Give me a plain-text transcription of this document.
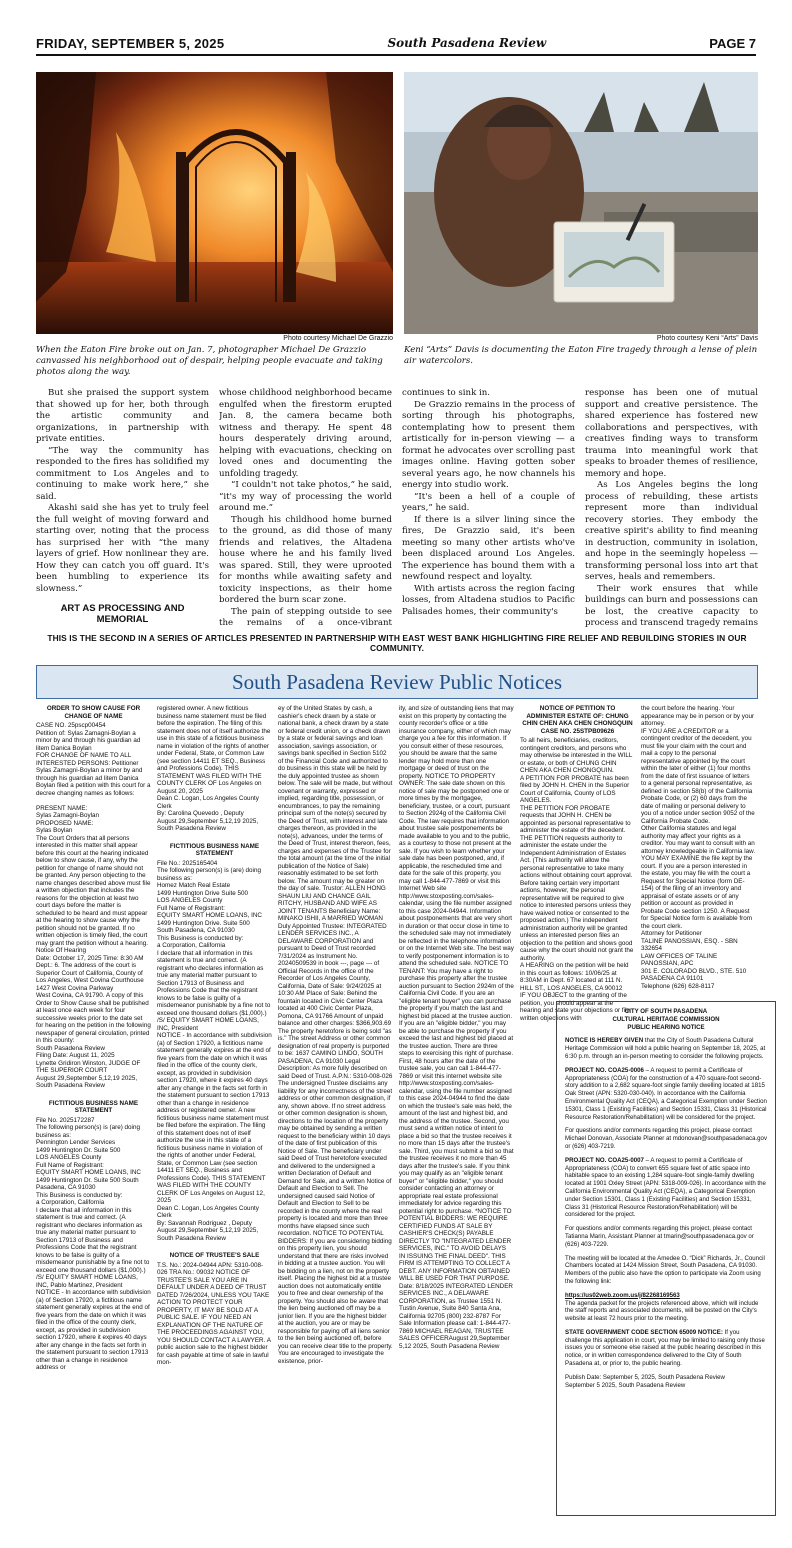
FRIDAY, SEPTEMBER 5, 2025	South Pasadena Review	PAGE 7
Photo courtesy Michael De Grazzio
When the Eaton Fire broke out on Jan. 7, photographer Michael De Grazzio canvassed his neighborhood out of despair, helping people evacuate and taking photos along the way.
Photo courtesy Keni “Arts” Davis
Keni “Arts” Davis is documenting the Eaton Fire tragedy through a lense of plein air watercolors.

But she praised the support system that showed up for her, both through the artistic community and organizations, in partnership with private entities.

“The way the community has responded to the fires has solidified my commitment to Los Angeles and to continuing to make work here,” she said.

Akashi said she has yet to truly feel the full weight of moving forward and starting over, noting that the process has surprised her with “the many layers of grief. How nonlinear they are. How they can catch you off guard. It's been humbling to experience its slowness.”

ART AS PROCESSING AND MEMORIAL

whose childhood neighborhood became engulfed when the firestorm erupted Jan. 8, the camera became both witness and therapy. He spent 48 hours desperately driving around, helping with evacuations, checking on loved ones and documenting the unfolding tragedy.

“I couldn't not take photos,” he said, “it's my way of processing the world around me.”

Though his childhood home burned to the ground, as did those of many friends and relatives, the Altadena house where he and his family lived was spared. Still, they were uprooted for months while awaiting safety and toxicity inspections, as their home bordered the burn scar zone.

The pain of stepping outside to see the remains of a once-vibrant

continues to sink in.

De Grazzio remains in the process of sorting through his photographs, contemplating how to present them artistically for in-person viewing — a format he advocates over scrolling past images online. Having gotten sober several years ago, he now channels his energy into studio work.

“It's been a hell of a couple of years,” he said.

If there is a silver lining since the fires, De Grazzio said, it's been meeting so many other artists who've been displaced around Los Angeles. The experience has bound them with a newfound respect and loyalty.

With artists across the region facing losses, from Altadena studios to Pacific Palisades homes, their community's

response has been one of mutual support and creative persistence. The shared experience has fostered new collaborations and perspectives, with creatives finding ways to transform trauma into meaningful work that speaks to broader themes of resilience, memory and hope.

As Los Angeles begins the long process of rebuilding, these artists represent more than individual recovery stories. They embody the creative spirit's ability to find meaning in destruction, community in isolation, and hope in the seemingly hopeless — transforming personal loss into art that serves, heals and remembers.

Their work ensures that while buildings can burn and possessions can be lost, the creative capacity to process and transcend tragedy remains

THIS IS THE SECOND IN A SERIES OF ARTICLES PRESENTED IN PARTNERSHIP WITH EAST WEST BANK HIGHLIGHTING FIRE RELIEF AND REBUILDING STORIES IN OUR COMMUNITY.
South Pasadena Review Public Notices
ORDER TO SHOW CAUSE FOR CHANGE OF NAME
CASE NO. 25pscp00454
Petition of: Sylas Zamagni-Boylan a minor by and through his guardian ad litem Danica Boylan
FOR CHANGE OF NAME TO ALL INTERESTED PERSONS: Petitioner Sylas Zamagni-Boylan a minor by and through his guardian ad litem Danica Boylan filed a petition with this court for a decree changing names as follows:

PRESENT NAME:
Sylas Zamagni-Boylan
PROPOSED NAME:
Sylas Boylan
The Court Orders that all persons interested in this matter shall appear before this court at the hearing indicated below to show cause, if any, why the petition for change of name should not be granted. Any person objecting to the name changes described above must file a written objection that includes the reasons for the objection at least two court days before the matter is scheduled to be heard and must appear at the hearing to show cause why the petition should not be granted. If no written objection is timely filed, the court may grant the petition without a hearing.
Notice Of Hearing
Date: October 17, 2025 Time: 8:30 AM Dept.: 6. The address of the court is Superior Court of California, County of Los Angeles, West Covina Courthouse 1427 West Covina Parkway
West Covina, CA 91790. A copy of this Order to Show Cause shall be published at least once each week for four successive weeks prior to the date set for hearing on the petition in the following newspaper of general circulation, printed in this county:
South Pasadena Review
Filing Date: August 11, 2025
Lynette Gridiron Winston, JUDGE OF THE SUPERIOR COURT
August 29,September 5,12,19 2025, South Pasadena Review
FICTITIOUS BUSINESS NAME STATEMENT
File No. 2025172287
The following person(s) is (are) doing business as:
Pennington Lender Services
1499 Huntington Dr. Suite 500
LOS ANGELES County
Full Name of Registrant:
EQUITY SMART HOME LOANS, INC 1499 Huntington Dr. Suite 500 South Pasadena, CA 91030
This Business is conducted by:
a Corporation, California
I declare that all information in this statement is true and correct. (A registrant who declares information as true any material matter pursuant to Section 17913 of Business and Professions Code that the registrant knows to be false is guilty of a misdemeanor punishable by a fine not to exceed one thousand dollars ($1,000).)
/S/ EQUITY SMART HOME LOANS, INC, Pablo Martinez, President
NOTICE - In accordance with subdivision (a) of Section 17920, a fictitious name statement generally expires at the end of five years from the date on which it was filed in the office of the county clerk, except, as provided in subdivision section 17920, where it expires 40 days after any change in the facts set forth in the statement pursuant to section 17913 other than a change in residence address or
registered owner. A new fictitious business name statement must be filed before the expiration. The filing of this statement does not of itself authorize the use in this state of a fictitious business name in violation of the rights of another under Federal, State, or Common Law (see section 14411 ET SEQ., Business and Professions Code). THIS STATEMENT WAS FILED WITH THE COUNTY CLERK OF Los Angeles on August 20, 2025
Dean C. Logan, Los Angeles County Clerk
By: Carolina Quevedo , Deputy
August 29,September 5,12,19 2025, South Pasadena Review
FICTITIOUS BUSINESS NAME STATEMENT
File No.: 2025165404
The following person(s) is (are) doing business as:
Homez Match Real Estate
1499 Huntington Drive Suite 500
LOS ANGELES County
Full Name of Registrant:
EQUITY SMART HOME LOANS, INC 1499 Huntington Drive. Suite 500
South Pasadena, CA 91030
This Business is conducted by:
a Corporation, California
I declare that all information in this statement is true and correct. (A registrant who declares information as true any material matter pursuant to Section 17913 of Business and Professions Code that the registrant knows to be false is guilty of a misdemeanor punishable by a fine not to exceed one thousand dollars ($1,000).)
/S/ EQUITY SMART HOME LOANS, INC, President
NOTICE - In accordance with subdivision (a) of Section 17920, a fictitious name statement generally expires at the end of five years from the date on which it was filed in the office of the county clerk, except, as provided in subdivision section 17920, where it expires 40 days after any change in the facts set forth in the statement pursuant to section 17913 other than a change in residence address or registered owner. A new fictitious business name statement must be filed before the expiration. The filing of this statement does not of itself authorize the use in this state of a fictitious business name in violation of the rights of another under Federal, State, or Common Law (see section 14411 ET SEQ., Business and Professions Code). THIS STATEMENT WAS FILED WITH THE COUNTY CLERK OF Los Angeles on August 12, 2025
Dean C. Logan, Los Angeles County Clerk
By: Savannah Rodriguez , Deputy
August 29,September 5,12,19 2025, South Pasadena Review
NOTICE OF TRUSTEE'S SALE
T.S. No.: 2024-04944 APN: 5310-008-026 TRA No.: 09032 NOTICE OF TRUSTEE'S SALE YOU ARE IN DEFAULT UNDER A DEED OF TRUST DATED 7/26/2024, UNLESS YOU TAKE ACTION TO PROTECT YOUR PROPERTY, IT MAY BE SOLD AT A PUBLIC SALE. IF YOU NEED AN EXPLANATION OF THE NATURE OF THE PROCEEDINGS AGAINST YOU, YOU SHOULD CONTACT A LAWYER. A public auction sale to the highest bidder for cash payable at time of sale in lawful mon-
ey of the United States by cash, a cashier's check drawn by a state or national bank, a check drawn by a state or federal credit union, or a check drawn by a state or federal savings and loan association, savings association, or savings bank specified in Section 5102 of the Financial Code and authorized to do business in this state will be held by the duly appointed trustee as shown below. The sale will be made, but without covenant or warranty, expressed or implied, regarding title, possession, or encumbrances, to pay the remaining principal sum of the note(s) secured by the Deed of Trust, with interest and late charges thereon, as provided in the note(s), advances, under the terms of the Deed of Trust, interest thereon, fees, charges and expenses of the Trustee for the total amount (at the time of the initial publication of the Notice of Sale) reasonably estimated to be set forth below. The amount may be greater on the day of sale. Trustor: ALLEN HONG SHAUN LIU AND CHANCE GAIL RITCHY, HUSBAND AND WIFE AS JOINT TENANTS Beneficiary Name: MINAKO ISHII, A MARRIED WOMAN Duly Appointed Trustee: INTEGRATED LENDER SERVICES INC., A DELAWARE CORPORATION and pursuant to Deed of Trust recorded 7/31/2024 as Instrument No. 20240509539 in book ---, page --- of Official Records in the office of the Recorder of Los Angeles County, California, Date of Sale: 9/24/2025 at 10:30 AM Place of Sale: Behind the fountain located in Civic Center Plaza located at 400 Civic Center Plaza, Pomona, CA 91766 Amount of unpaid balance and other charges: $366,903.69 The property heretofore is being sold "as is." The street Address or other common designation of real property is purported to be: 1637 CAMINO LINDO, SOUTH PASADENA, CA 91030 Legal Description: As more fully described on said Deed of Trust. A.P.N.: 5310-008-026 The undersigned Trustee disclaims any liability for any incorrectness of the street address or other common designation, if any, shown above. If no street address or other common designation is shown, directions to the location of the property may be obtained by sending a written request to the beneficiary within 10 days of the date of first publication of this Notice of Sale. The beneficiary under said Deed of Trust heretofore executed and delivered to the undersigned a written Declaration of Default and Demand for Sale, and a written Notice of Default and Election to Sell. The undersigned caused said Notice of Default and Election to Sell to be recorded in the county where the real property is located and more than three months have elapsed since such recordation. NOTICE TO POTENTIAL BIDDERS: If you are considering bidding on this property lien, you should understand that there are risks involved in bidding at a trustee auction. You will be bidding on a lien, not on the property itself. Placing the highest bid at a trustee auction does not automatically entitle you to free and clear ownership of the property. You should also be aware that the lien being auctioned off may be a junior lien. If you are the highest bidder at the auction, you are or may be responsible for paying off all liens senior to the lien being auctioned off, before you can receive clear title to the property. You are encouraged to investigate the existence, prior-
ity, and size of outstanding liens that may exist on this property by contacting the county recorder's office or a title insurance company, either of which may charge you a fee for this information. If you consult either of these resources, you should be aware that the same lender may hold more than one mortgage or deed of trust on the property. NOTICE TO PROPERTY OWNER: The sale date shown on this notice of sale may be postponed one or more times by the mortgagee, beneficiary, trustee, or a court, pursuant to Section 2924g of the California Civil Code. The law requires that information about trustee sale postponements be made available to you and to the public, as a courtesy to those not present at the sale. If you wish to learn whether your sale date has been postponed, and, if applicable, the rescheduled time and date for the sale of this property, you may call 1-844-477-7869 or visit this Internet Web site http://www.stoxposting.com/sales-calendar, using the file number assigned to this case 2024-04944. Information about postponements that are very short in duration or that occur close in time to the scheduled sale may not immediately be reflected in the telephone information or on the Internet Web site. The best way to verify postponement information is to attend the scheduled sale. NOTICE TO TENANT: You may have a right to purchase this property after the trustee auction pursuant to Section 2924m of the California Civil Code. If you are an "eligible tenant buyer" you can purchase the property if you match the last and highest bid placed at the trustee auction. If you are an "eligible bidder," you may be able to purchase the property if you exceed the last and highest bid placed at the trustee auction. There are three steps to exercising this right of purchase. First, 48 hours after the date of the trustee sale, you can call 1-844-477-7869 or visit this internet website site http://www.stoxposting.com/sales-calendar, using the file number assigned to this case 2024-04944 to find the date on which the trustee's sale was held, the amount of the last and highest bid, and the address of the trustee. Second, you must send a written notice of intent to place a bid so that the trustee receives it no more than 15 days after the trustee's sale. Third, you must submit a bid so that the trustee receives it no more than 45 days after the trustee's sale. If you think you may qualify as an "eligible tenant buyer" or "eligible bidder," you should consider contacting an attorney or appropriate real estate professional immediately for advice regarding this potential right to purchase. *NOTICE TO POTENTIAL BIDDERS: WE REQUIRE CERTIFIED FUNDS AT SALE BY CASHIER'S CHECK(S) PAYABLE DIRECTLY TO "INTEGRATED LENDER SERVICES, INC." TO AVOID DELAYS IN ISSUING THE FINAL DEED". THIS FIRM IS ATTEMPTING TO COLLECT A DEBT. ANY INFORMATION OBTAINED WILL BE USED FOR THAT PURPOSE. Date: 8/18/2025 INTEGRATED LENDER SERVICES INC., A DELAWARE CORPORATION, as Trustee 1551 N. Tustin Avenue, Suite 840 Santa Ana, California 92705 (800) 232-8787 For Sale Information please call: 1-844-477-7869 MICHAEL REAGAN, TRUSTEE SALES OFFICERAugust 29,September 5,12 2025, South Pasadena Review
NOTICE OF PETITION TO ADMINISTER ESTATE OF: CHUNG CHIN CHEN AKA CHEN CHONGQUIN CASE NO. 25STPB09626
To all heirs, beneficiaries, creditors, contingent creditors, and persons who may otherwise be interested in the WILL or estate, or both of CHUNG CHIN CHEN AKA CHEN CHONGQUIN.
A PETITION FOR PROBATE has been filed by JOHN H. CHEN in the Superior Court of California, County of LOS ANGELES.
THE PETITION FOR PROBATE requests that JOHN H. CHEN be appointed as personal representative to administer the estate of the decedent.
THE PETITION requests authority to administer the estate under the Independent Administration of Estates Act. (This authority will allow the personal representative to take many actions without obtaining court approval. Before taking certain very important actions, however, the personal representative will be required to give notice to interested persons unless they have waived notice or consented to the proposed action.) The independent administration authority will be granted unless an interested person files an objection to the petition and shows good cause why the court should not grant the authority.
A HEARING on the petition will be held in this court as follows: 10/06/25 at 8:30AM in Dept. 67 located at 111 N. HILL ST., LOS ANGELES, CA 90012
IF YOU OBJECT to the granting of the petition, you should appear at the hearing and state your objections or file written objections with
the court before the hearing. Your appearance may be in person or by your attorney.
IF YOU ARE A CREDITOR or a contingent creditor of the decedent, you must file your claim with the court and mail a copy to the personal representative appointed by the court within the later of either (1) four months from the date of first issuance of letters to a general personal representative, as defined in section 58(b) of the California Probate Code, or (2) 60 days from the date of mailing or personal delivery to you of a notice under section 9052 of the California Probate Code.
Other California statutes and legal authority may affect your rights as a creditor. You may want to consult with an attorney knowledgeable in California law.
YOU MAY EXAMINE the file kept by the court. If you are a person interested in the estate, you may file with the court a Request for Special Notice (form DE-154) of the filing of an inventory and appraisal of estate assets or of any petition or account as provided in Probate Code section 1250. A Request for Special Notice form is available from the court clerk.
Attorney for Petitioner
TALINE PANOSSIAN, ESQ. - SBN 332654
LAW OFFICES OF TALINE PANOSSIAN, APC
301 E. COLORADO BLVD., STE. 510
PASADENA CA 91101
Telephone (626) 628-8117

CITY OF SOUTH PASADENA
CULTURAL HERITAGE COMMISSION
PUBLIC HEARING NOTICE

NOTICE IS HEREBY GIVEN that the City of South Pasadena Cultural Heritage Commission will hold a public hearing on September 18, 2025, at 6:30 p.m. through an in-person meeting to consider the following projects.

PROJECT NO. COA25-0006 – A request to permit a Certificate of Appropriateness (COA) for the construction of a 470 square-foot second-story addition to a 2,682 square-foot single family dwelling located at 1815 Oak Street (APN: 5320-030-040). In accordance with the California Environmental Quality Act (CEQA), a Categorical Exemption under Section 15301, Class 1 (Existing Facilities) and Section 15331, Class 31 (Historical Resource Restoration/Rehabilitation) will be considered for the project.

For questions and/or comments regarding this project, please contact Michael Donovan, Associate Planner at mdonovan@southpasadenaca.gov or (626) 403-7219.

PROJECT NO. COA25-0007 – A request to permit a Certificate of Appropriateness (COA) to convert 655 square feet of attic space into habitable space to an existing 1,284 square-foot single-family dwelling located at 1901 Oxley Street (APN: 5318-009-026). In accordance with the California Environmental Quality Act (CEQA), a Categorical Exemption under Section 15301, Class 1 (Existing Facilities) and Section 15331, Class 31 (Historical Resource Restoration/Rehabilitation) will be considered for the project.

For questions and/or comments regarding this project, please contact Tatianna Marin, Assistant Planner at tmarin@southpasadenaca.gov or (626) 403-7229.

The meeting will be located at the Amedee O. “Dick” Richards, Jr., Council Chambers located at 1424 Mission Street, South Pasadena, CA 91030. Members of the public also have the option to participate via Zoom using the following link:

https://us02web.zoom.us/j/82268169563
The agenda packet for the projects referenced above, which will include the staff reports and associated documents, will be posted on the City's website at least 72 hours prior to the meeting.

STATE GOVERNMENT CODE SECTION 65009 NOTICE: If you challenge this application in court, you may be limited to raising only those issues you or someone else raised at the public hearing described in this notice, or in written correspondence delivered to the City of South Pasadena at, or prior to, the public hearing.

Publish Date: September 5, 2025, South Pasadena Review
September 5 2025, South Pasadena Review
